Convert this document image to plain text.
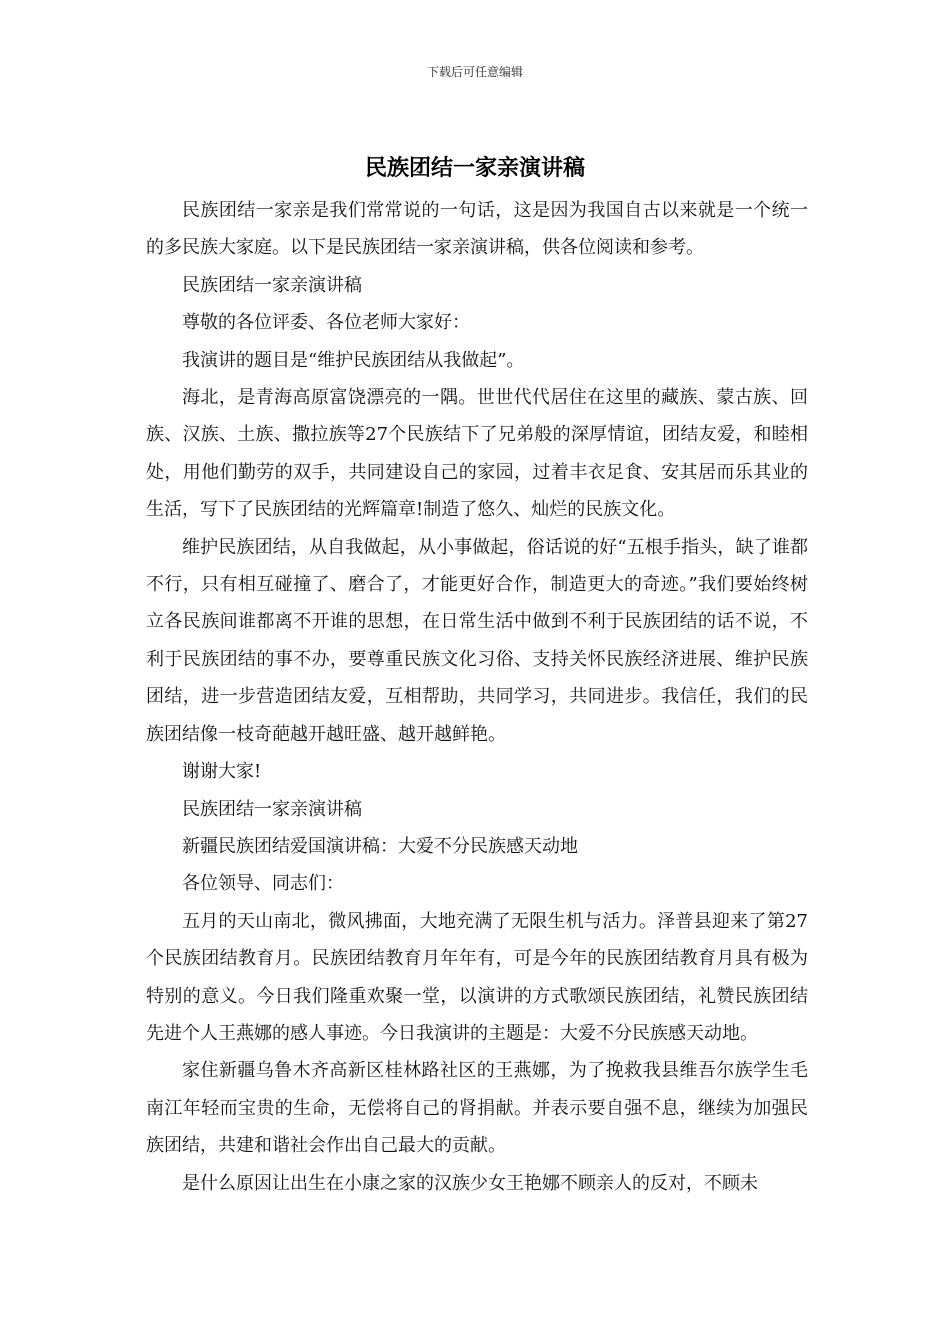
下载后可任意编辑
民族团结一家亲演讲稿

民族团结一家亲是我们常常说的一句话，这是因为我国自古以来就是一个统一的多民族大家庭。以下是民族团结一家亲演讲稿，供各位阅读和参考。

民族团结一家亲演讲稿

尊敬的各位评委、各位老师大家好：

我演讲的题目是“维护民族团结从我做起”。

海北，是青海高原富饶漂亮的一隅。世世代代居住在这里的藏族、蒙古族、回族、汉族、土族、撒拉族等27个民族结下了兄弟般的深厚情谊，团结友爱，和睦相处，用他们勤劳的双手，共同建设自己的家园，过着丰衣足食、安其居而乐其业的生活，写下了民族团结的光辉篇章!制造了悠久、灿烂的民族文化。

维护民族团结，从自我做起，从小事做起，俗话说的好“五根手指头，缺了谁都不行，只有相互碰撞了、磨合了，才能更好合作，制造更大的奇迹。”我们要始终树立各民族间谁都离不开谁的思想，在日常生活中做到不利于民族团结的话不说，不利于民族团结的事不办，要尊重民族文化习俗、支持关怀民族经济进展、维护民族团结，进一步营造团结友爱，互相帮助，共同学习，共同进步。我信任，我们的民族团结像一枝奇葩越开越旺盛、越开越鲜艳。

谢谢大家!

民族团结一家亲演讲稿

新疆民族团结爱国演讲稿：大爱不分民族感天动地

各位领导、同志们：

五月的天山南北，微风拂面，大地充满了无限生机与活力。泽普县迎来了第27个民族团结教育月。民族团结教育月年年有，可是今年的民族团结教育月具有极为特别的意义。今日我们隆重欢聚一堂，以演讲的方式歌颂民族团结，礼赞民族团结先进个人王燕娜的感人事迹。今日我演讲的主题是：大爱不分民族感天动地。

家住新疆乌鲁木齐高新区桂林路社区的王燕娜，为了挽救我县维吾尔族学生毛南江年轻而宝贵的生命，无偿将自己的肾捐献。并表示要自强不息，继续为加强民族团结，共建和谐社会作出自己最大的贡献。

是什么原因让出生在小康之家的汉族少女王艳娜不顾亲人的反对，不顾未
